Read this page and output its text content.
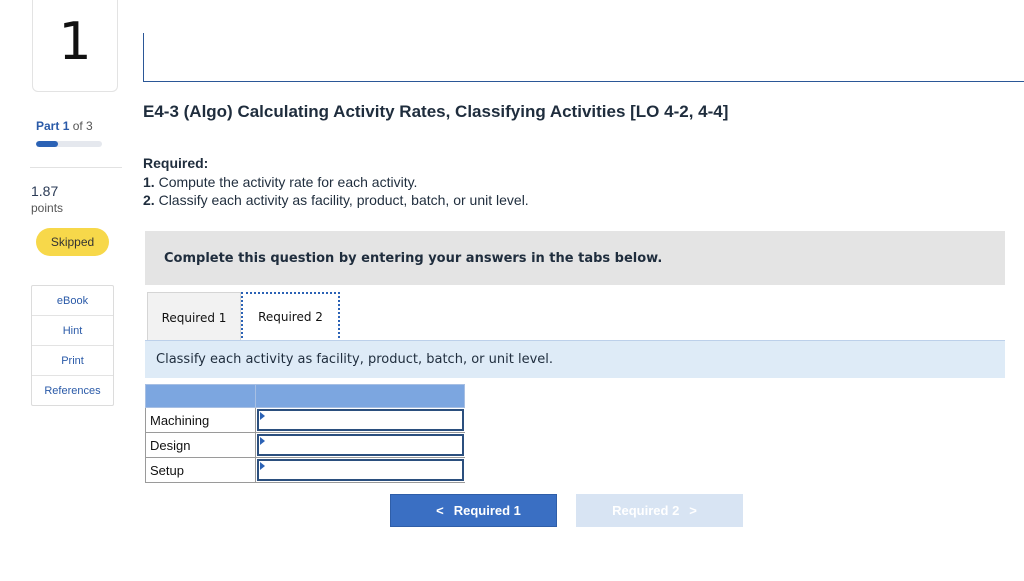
1
Part 1 of 3
1.87
points
Skipped
eBook
Hint
Print
References
E4-3 (Algo) Calculating Activity Rates, Classifying Activities [LO 4-2, 4-4]
Required:
1. Compute the activity rate for each activity.
2. Classify each activity as facility, product, batch, or unit level.
Complete this question by entering your answers in the tabs below.
Required 1	Required 2
Classify each activity as facility, product, batch, or unit level.
Machining
Design
Setup
< Required 1	Required 2 >
